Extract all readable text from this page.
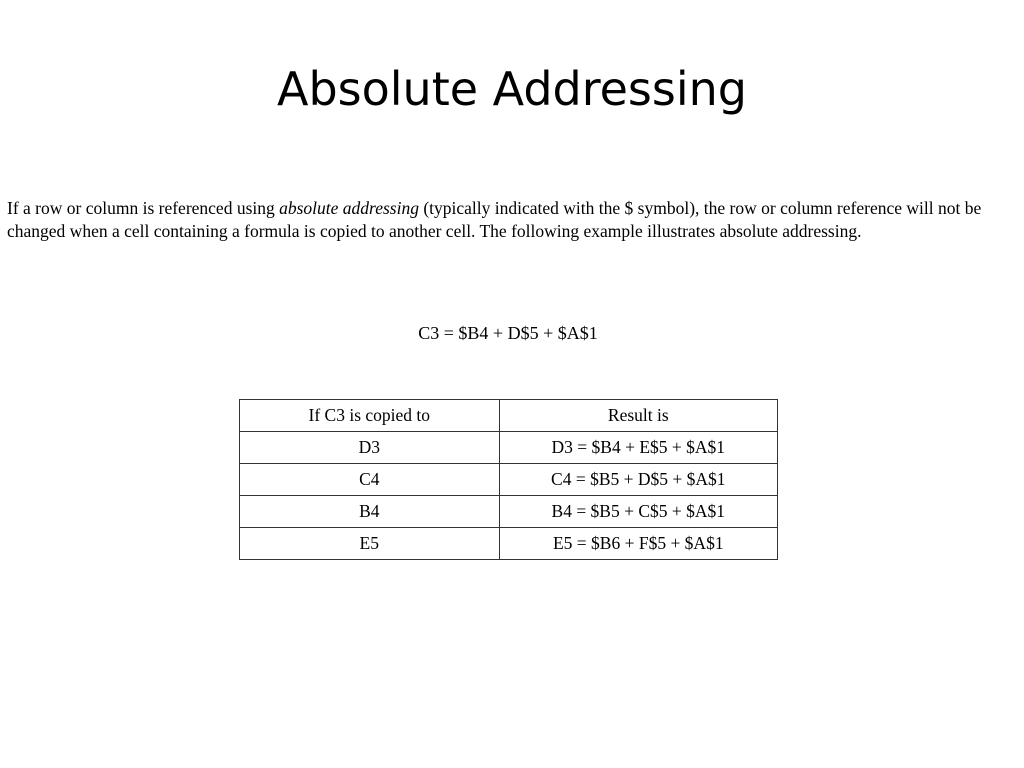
Absolute Addressing

If a row or column is referenced using absolute addressing (typically indicated with the $ symbol), the row or column reference will not be changed when a cell containing a formula is copied to another cell. The following example illustrates absolute addressing.

C3 = $B4 + D$5 + $A$1
If C3 is copied to	Result is
D3	D3 = $B4 + E$5 + $A$1
C4	C4 = $B5 + D$5 + $A$1
B4	B4 = $B5 + C$5 + $A$1
E5	E5 = $B6 + F$5 + $A$1
